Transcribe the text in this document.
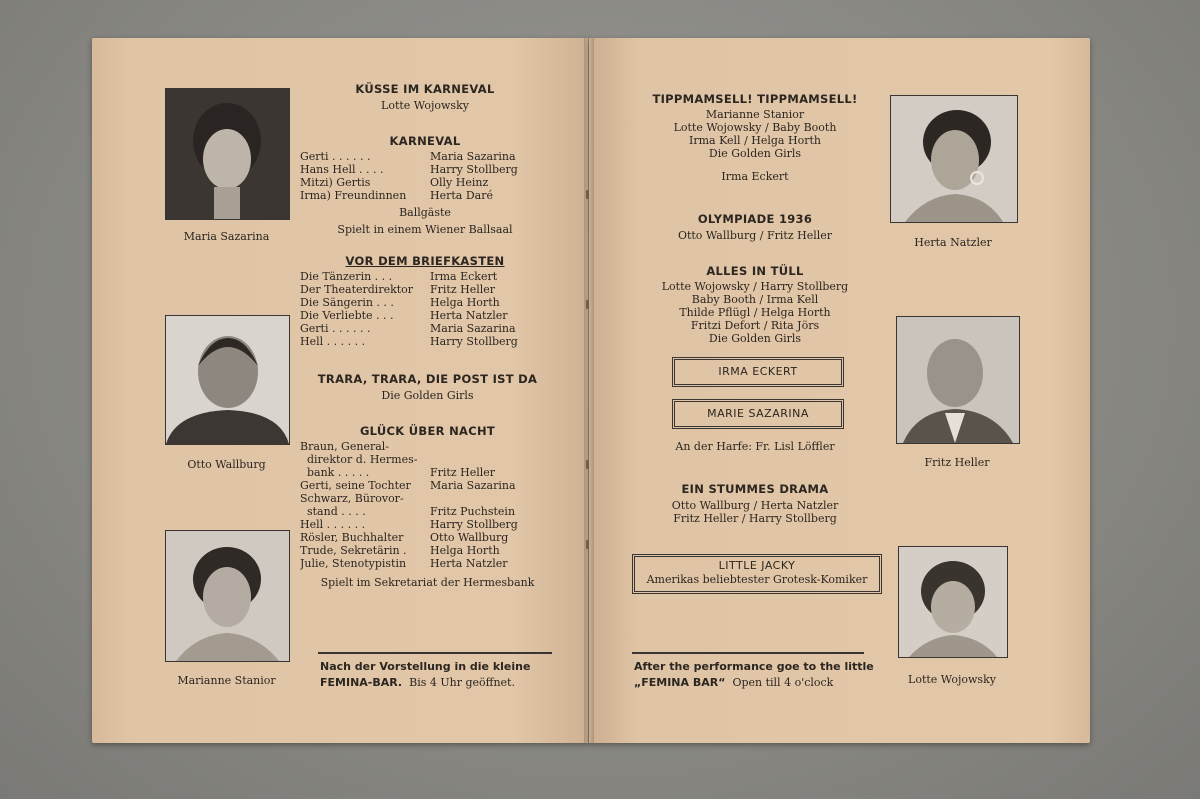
Maria Sazarina
Otto Wallburg
Marianne Stanior
KÜSSE IM KARNEVAL
Lotte Wojowsky
KARNEVAL
Gerti . . . . . .	Maria Sazarina
Hans Hell . . . .	Harry Stollberg
Mitzi) Gertis	Olly Heinz
Irma) Freundinnen	Herta Daré
Ballgäste
Spielt in einem Wiener Ballsaal
VOR DEM BRIEFKASTEN
Die Tänzerin . . .	Irma Eckert
Der Theaterdirektor	Fritz Heller
Die Sängerin . . .	Helga Horth
Die Verliebte . . .	Herta Natzler
Gerti . . . . . .	Maria Sazarina
Hell . . . . . .	Harry Stollberg
TRARA, TRARA, DIE POST IST DA
Die Golden Girls
GLÜCK ÜBER NACHT
Braun, General-
direktor d. Hermes-
bank . . . . .	Fritz Heller
Gerti, seine Tochter	Maria Sazarina
Schwarz, Bürovor-
stand . . . .	Fritz Puchstein
Hell . . . . . .	Harry Stollberg
Rösler, Buchhalter	Otto Wallburg
Trude, Sekretärin .	Helga Horth
Julie, Stenotypistin	Herta Natzler
Spielt im Sekretariat der Hermesbank
Nach der Vorstellung in die kleine
FEMINA-BAR. Bis 4 Uhr geöffnet.
TIPPMAMSELL! TIPPMAMSELL!
Marianne Stanior
Lotte Wojowsky / Baby Booth
Irma Kell / Helga Horth
Die Golden Girls
Irma Eckert
OLYMPIADE 1936
Otto Wallburg / Fritz Heller
ALLES IN TÜLL
Lotte Wojowsky / Harry Stollberg
Baby Booth / Irma Kell
Thilde Pflügl / Helga Horth
Fritzi Defort / Rita Jörs
Die Golden Girls
IRMA ECKERT
MARIE SAZARINA
An der Harfe: Fr. Lisl Löffler
EIN STUMMES DRAMA
Otto Wallburg / Herta Natzler
Fritz Heller / Harry Stollberg
LITTLE JACKY
Amerikas beliebtester Grotesk-Komiker
After the performance goe to the little
„FEMINA BAR“ Open till 4 o'clock
Herta Natzler
Fritz Heller
Lotte Wojowsky
